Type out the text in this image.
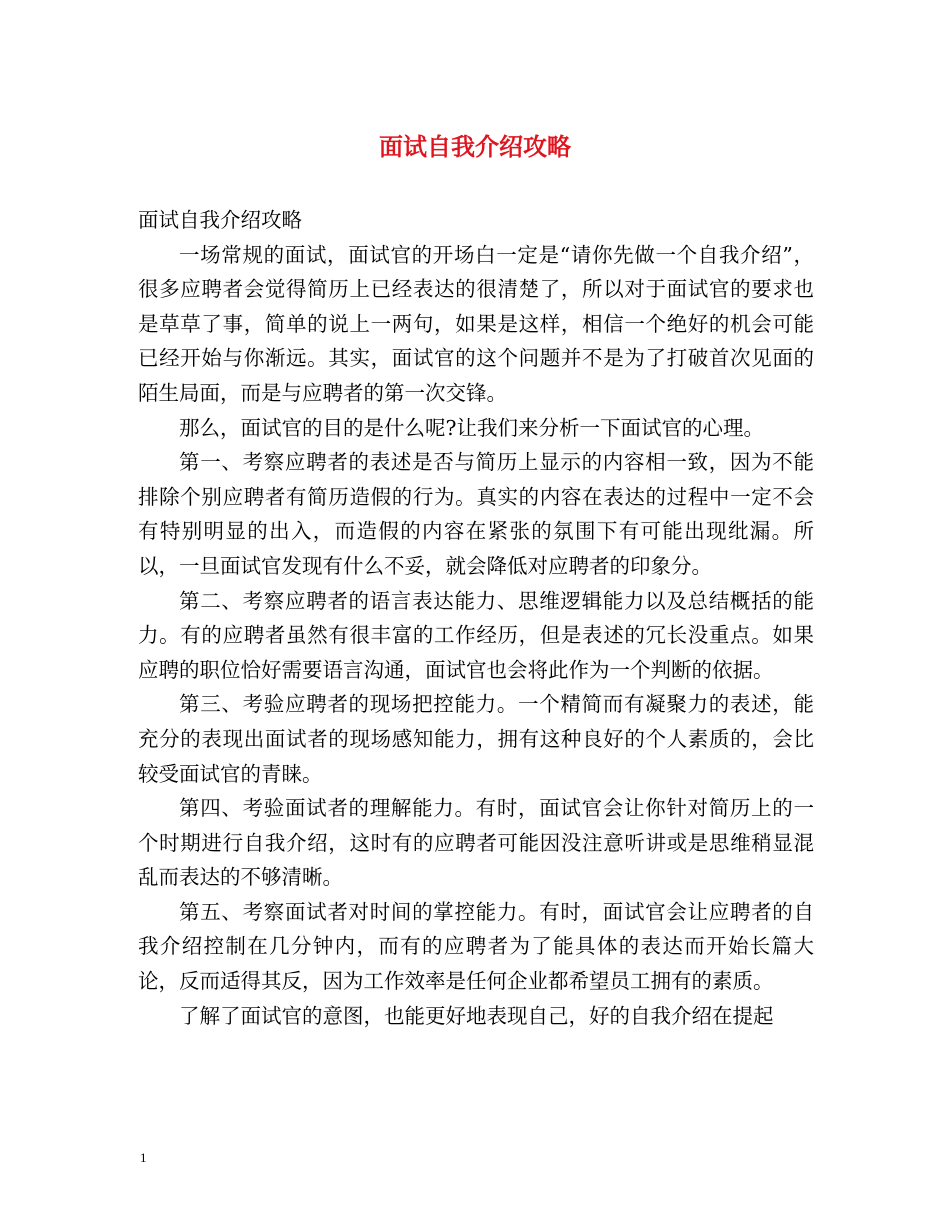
面试自我介绍攻略

面试自我介绍攻略

一场常规的面试，面试官的开场白一定是“请你先做一个自我介绍”，很多应聘者会觉得简历上已经表达的很清楚了，所以对于面试官的要求也是草草了事，简单的说上一两句，如果是这样，相信一个绝好的机会可能已经开始与你渐远。其实，面试官的这个问题并不是为了打破首次见面的陌生局面，而是与应聘者的第一次交锋。

那么，面试官的目的是什么呢?让我们来分析一下面试官的心理。

第一、考察应聘者的表述是否与简历上显示的内容相一致，因为不能排除个别应聘者有简历造假的行为。真实的内容在表达的过程中一定不会有特别明显的出入，而造假的内容在紧张的氛围下有可能出现纰漏。所以，一旦面试官发现有什么不妥，就会降低对应聘者的印象分。

第二、考察应聘者的语言表达能力、思维逻辑能力以及总结概括的能力。有的应聘者虽然有很丰富的工作经历，但是表述的冗长没重点。如果应聘的职位恰好需要语言沟通，面试官也会将此作为一个判断的依据。

第三、考验应聘者的现场把控能力。一个精简而有凝聚力的表述，能充分的表现出面试者的现场感知能力，拥有这种良好的个人素质的，会比较受面试官的青睐。

第四、考验面试者的理解能力。有时，面试官会让你针对简历上的一个时期进行自我介绍，这时有的应聘者可能因没注意听讲或是思维稍显混乱而表达的不够清晰。

第五、考察面试者对时间的掌控能力。有时，面试官会让应聘者的自我介绍控制在几分钟内，而有的应聘者为了能具体的表达而开始长篇大论，反而适得其反，因为工作效率是任何企业都希望员工拥有的素质。

了解了面试官的意图，也能更好地表现自己，好的自我介绍在提起

1
